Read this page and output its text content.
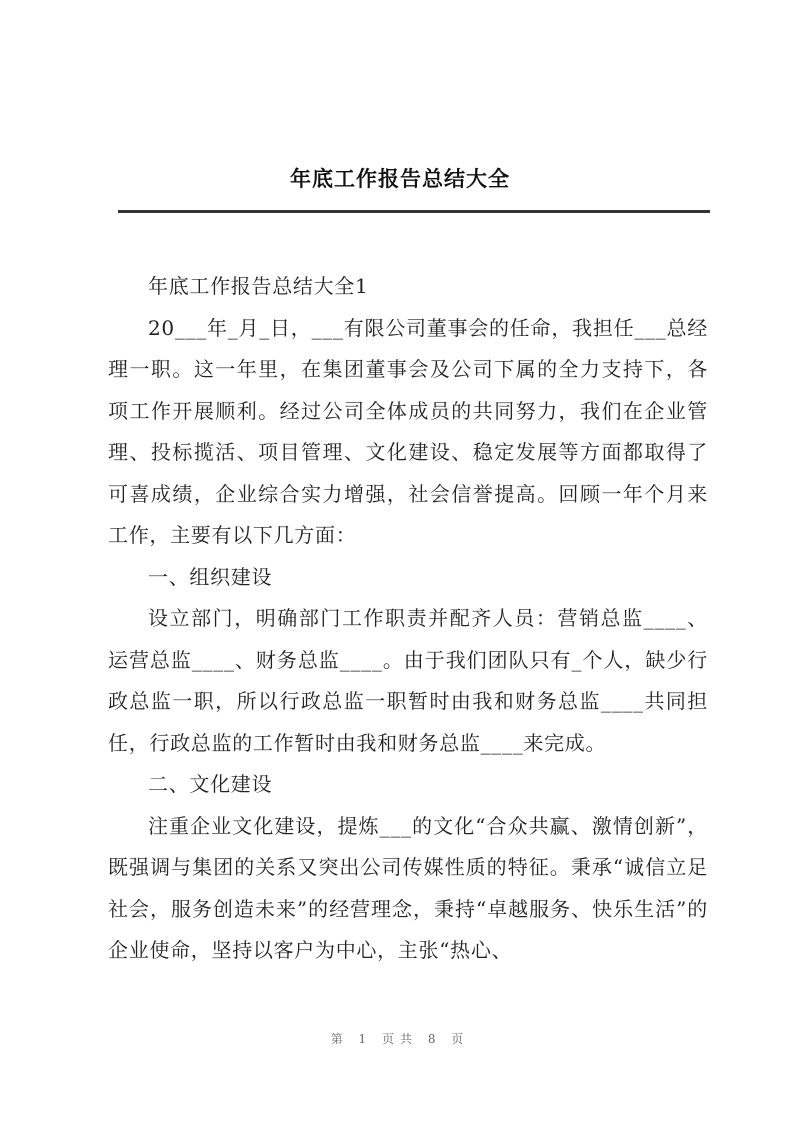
年底工作报告总结大全

年底工作报告总结大全1

20___年_月_日，___有限公司董事会的任命，我担任___总经理一职。这一年里，在集团董事会及公司下属的全力支持下，各项工作开展顺利。经过公司全体成员的共同努力，我们在企业管理、投标揽活、项目管理、文化建设、稳定发展等方面都取得了可喜成绩，企业综合实力增强，社会信誉提高。回顾一年个月来工作，主要有以下几方面：

一、组织建设

设立部门，明确部门工作职责并配齐人员：营销总监____、运营总监____、财务总监____。由于我们团队只有_个人，缺少行政总监一职，所以行政总监一职暂时由我和财务总监____共同担任，行政总监的工作暂时由我和财务总监____来完成。

二、文化建设

注重企业文化建设，提炼___的文化“合众共赢、激情创新”，既强调与集团的关系又突出公司传媒性质的特征。秉承“诚信立足社会，服务创造未来”的经营理念，秉持“卓越服务、快乐生活”的企业使命，坚持以客户为中心，主张“热心、

第 1 页共 8 页
